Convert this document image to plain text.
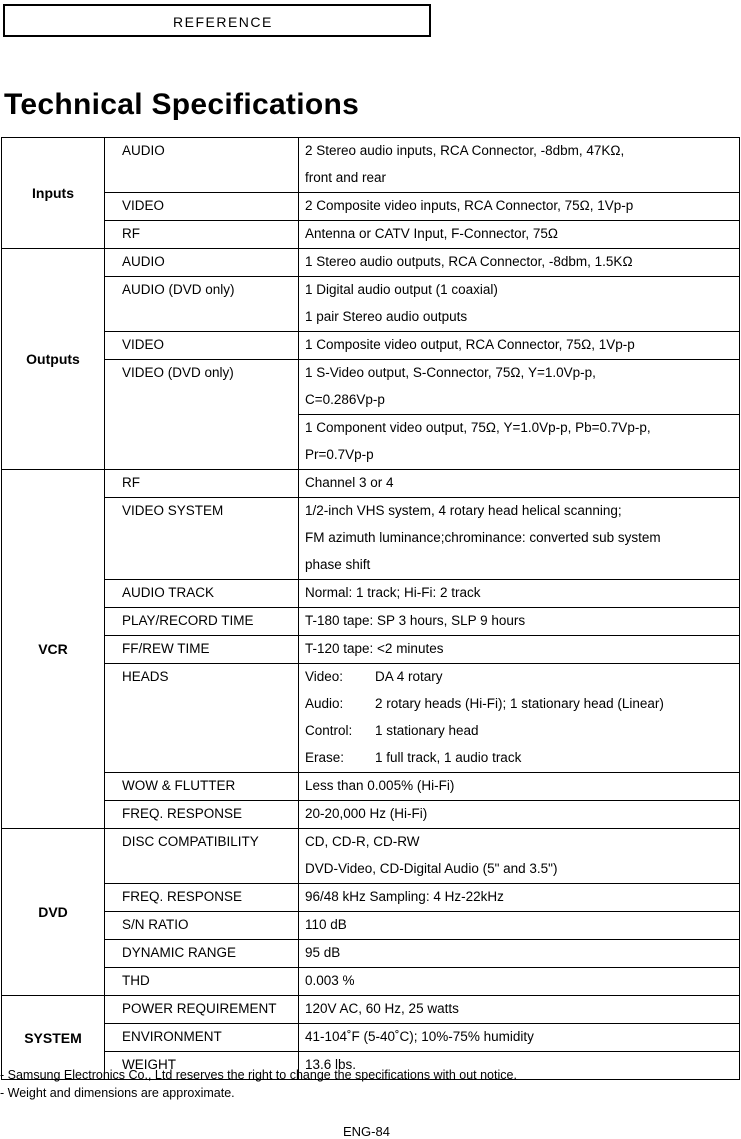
REFERENCE
Technical Specifications
Inputs	AUDIO	2 Stereo audio inputs, RCA Connector, -8dbm, 47KΩ,
front and rear

	VIDEO	2 Composite video inputs, RCA Connector, 75Ω, 1Vp-p

	RF	Antenna or CATV Input, F-Connector, 75Ω

Outputs	AUDIO	1 Stereo audio outputs, RCA Connector, -8dbm, 1.5KΩ

	AUDIO (DVD only)	1 Digital audio output (1 coaxial)
1 pair Stereo audio outputs

	VIDEO	1 Composite video output, RCA Connector, 75Ω, 1Vp-p

	VIDEO (DVD only)	1 S-Video output, S-Connector, 75Ω, Y=1.0Vp-p,
C=0.286Vp-p

		1 Component video output, 75Ω, Y=1.0Vp-p, Pb=0.7Vp-p,
Pr=0.7Vp-p

VCR	RF	Channel 3 or 4

	VIDEO SYSTEM	1/2-inch VHS system, 4 rotary head helical scanning;
FM azimuth luminance;chrominance: converted sub system
phase shift

	AUDIO TRACK	Normal: 1 track; Hi-Fi: 2 track

	PLAY/RECORD TIME	T-180 tape: SP 3 hours, SLP 9 hours

	FF/REW TIME	T-120 tape: <2 minutes

	HEADS	Video: DA 4 rotary
Audio: 2 rotary heads (Hi-Fi); 1 stationary head (Linear)
Control: 1 stationary head
Erase: 1 full track, 1 audio track

	WOW & FLUTTER	Less than 0.005% (Hi-Fi)

	FREQ. RESPONSE	20-20,000 Hz (Hi-Fi)

DVD	DISC COMPATIBILITY	CD, CD-R, CD-RW
DVD-Video, CD-Digital Audio (5" and 3.5")

	FREQ. RESPONSE	96/48 kHz Sampling: 4 Hz-22kHz

	S/N RATIO	110 dB

	DYNAMIC RANGE	95 dB

	THD	0.003 %

SYSTEM	POWER REQUIREMENT	120V AC, 60 Hz, 25 watts

	ENVIRONMENT	41-104˚F (5-40˚C); 10%-75% humidity

	WEIGHT	13.6 lbs.
- Samsung Electronics Co., Ltd reserves the right to change the specifications with out notice.
- Weight and dimensions are approximate.
ENG-84
